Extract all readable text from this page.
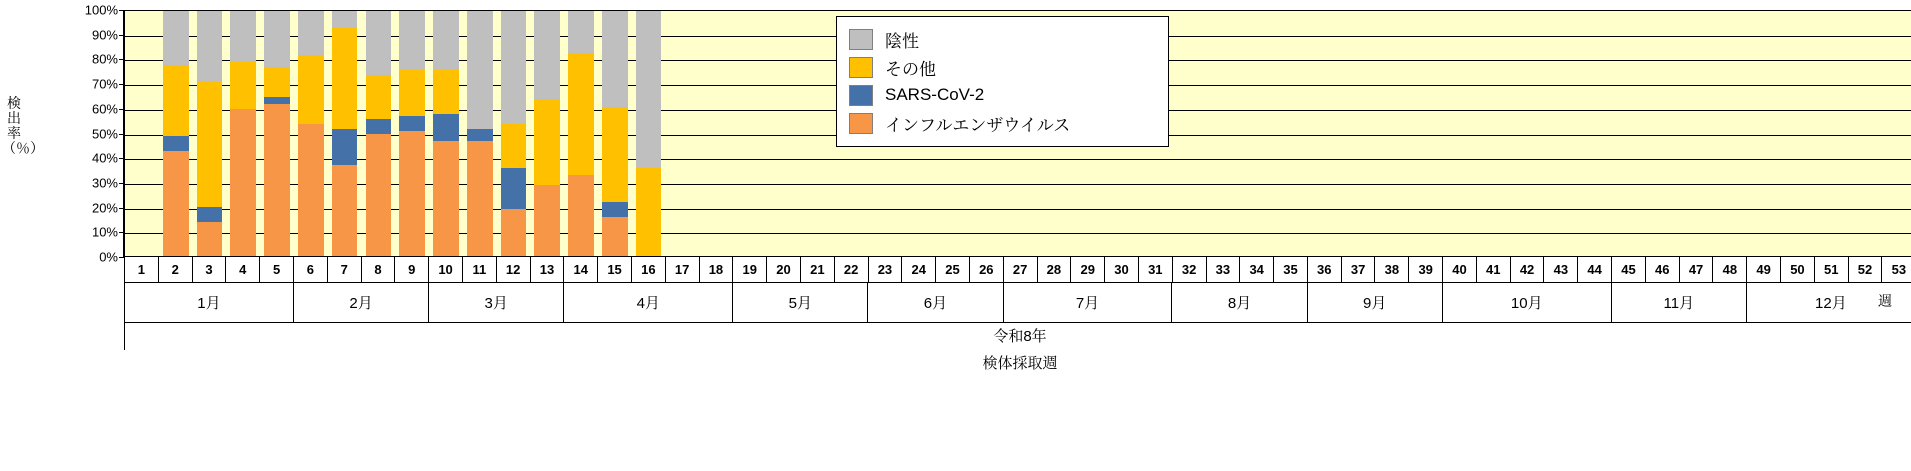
検出率（％）
0%
10%
20%
30%
40%
50%
60%
70%
80%
90%
100%
陰性
その他
SARS-CoV-2
インフルエンザウイルス
1	2	3	4	5	6	7	8	9	10	11	12	13	14	15	16	17	18	19	20	21	22	23	24	25	26	27	28	29	30	31	32	33	34	35	36	37	38	39	40	41	42	43	44	45	46	47	48	49	50	51	52	53
1月	2月	3月	4月	5月	6月	7月	8月	9月	10月	11月	12月	週
令和8年
検体採取週
